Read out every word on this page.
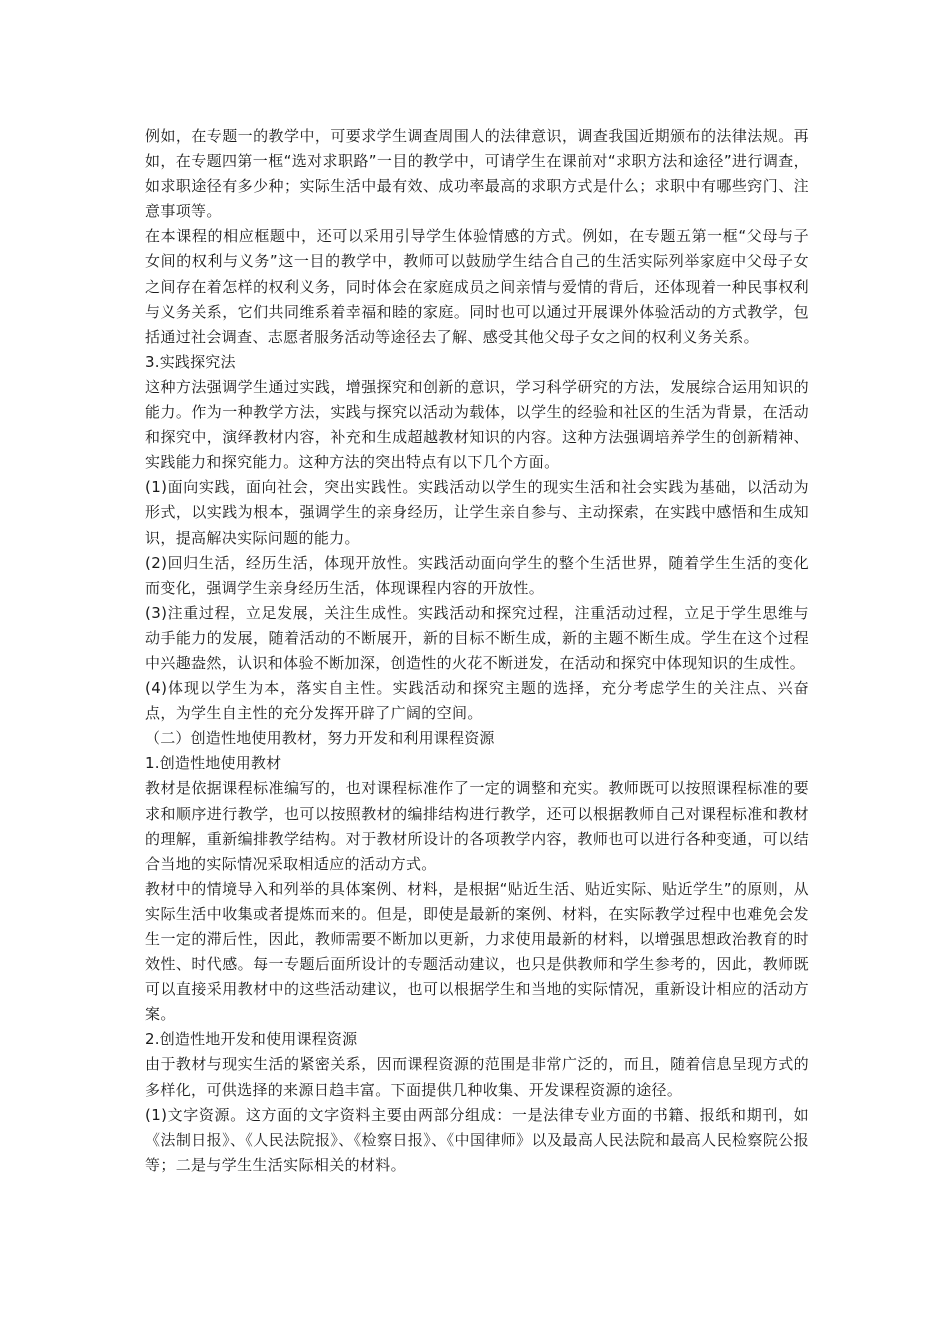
例如，在专题一的教学中，可要求学生调查周围人的法律意识，调查我国近期颁布的法律法规。再如，在专题四第一框“选对求职路”一目的教学中，可请学生在课前对“求职方法和途径”进行调查，如求职途径有多少种；实际生活中最有效、成功率最高的求职方式是什么；求职中有哪些窍门、注意事项等。

在本课程的相应框题中，还可以采用引导学生体验情感的方式。例如，在专题五第一框“父母与子女间的权利与义务”这一目的教学中，教师可以鼓励学生结合自己的生活实际列举家庭中父母子女之间存在着怎样的权利义务，同时体会在家庭成员之间亲情与爱情的背后，还体现着一种民事权利与义务关系，它们共同维系着幸福和睦的家庭。同时也可以通过开展课外体验活动的方式教学，包括通过社会调查、志愿者服务活动等途径去了解、感受其他父母子女之间的权利义务关系。

3.实践探究法

这种方法强调学生通过实践，增强探究和创新的意识，学习科学研究的方法，发展综合运用知识的能力。作为一种教学方法，实践与探究以活动为载体，以学生的经验和社区的生活为背景，在活动和探究中，演绎教材内容，补充和生成超越教材知识的内容。这种方法强调培养学生的创新精神、实践能力和探究能力。这种方法的突出特点有以下几个方面。

(1)面向实践，面向社会，突出实践性。实践活动以学生的现实生活和社会实践为基础，以活动为形式，以实践为根本，强调学生的亲身经历，让学生亲自参与、主动探索，在实践中感悟和生成知识，提高解决实际问题的能力。

(2)回归生活，经历生活，体现开放性。实践活动面向学生的整个生活世界，随着学生生活的变化而变化，强调学生亲身经历生活，体现课程内容的开放性。

(3)注重过程，立足发展，关注生成性。实践活动和探究过程，注重活动过程，立足于学生思维与动手能力的发展，随着活动的不断展开，新的目标不断生成，新的主题不断生成。学生在这个过程中兴趣盎然，认识和体验不断加深，创造性的火花不断迸发，在活动和探究中体现知识的生成性。

(4)体现以学生为本，落实自主性。实践活动和探究主题的选择，充分考虑学生的关注点、兴奋点，为学生自主性的充分发挥开辟了广阔的空间。

（二）创造性地使用教材，努力开发和利用课程资源

1.创造性地使用教材

教材是依据课程标准编写的，也对课程标准作了一定的调整和充实。教师既可以按照课程标准的要求和顺序进行教学，也可以按照教材的编排结构进行教学，还可以根据教师自己对课程标准和教材的理解，重新编排教学结构。对于教材所设计的各项教学内容，教师也可以进行各种变通，可以结合当地的实际情况采取相适应的活动方式。

教材中的情境导入和列举的具体案例、材料，是根据“贴近生活、贴近实际、贴近学生”的原则，从实际生活中收集或者提炼而来的。但是，即使是最新的案例、材料，在实际教学过程中也难免会发生一定的滞后性，因此，教师需要不断加以更新，力求使用最新的材料，以增强思想政治教育的时效性、时代感。每一专题后面所设计的专题活动建议，也只是供教师和学生参考的，因此，教师既可以直接采用教材中的这些活动建议，也可以根据学生和当地的实际情况，重新设计相应的活动方案。

2.创造性地开发和使用课程资源

由于教材与现实生活的紧密关系，因而课程资源的范围是非常广泛的，而且，随着信息呈现方式的多样化，可供选择的来源日趋丰富。下面提供几种收集、开发课程资源的途径。

(1)文字资源。这方面的文字资料主要由两部分组成：一是法律专业方面的书籍、报纸和期刊，如《法制日报》、《人民法院报》、《检察日报》、《中国律师》以及最高人民法院和最高人民检察院公报等；二是与学生生活实际相关的材料。
